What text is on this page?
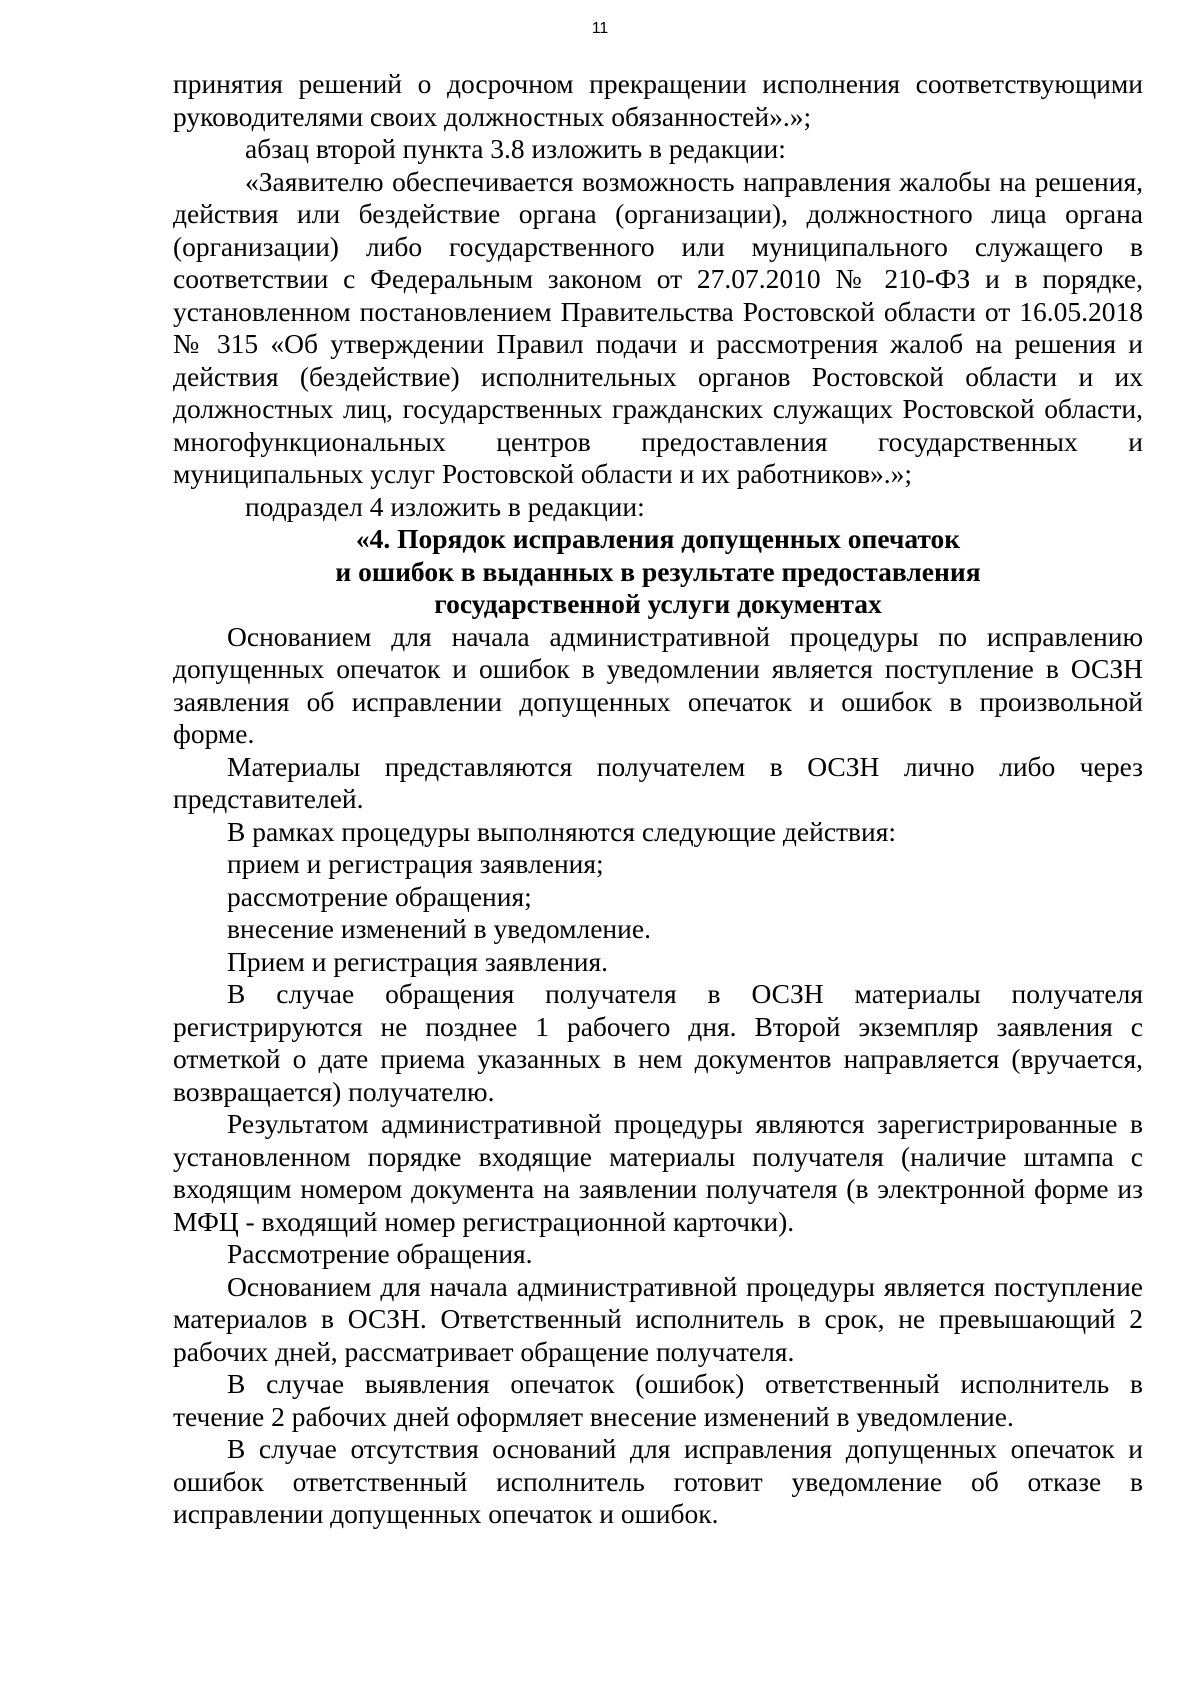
11

принятия решений о досрочном прекращении исполнения соответствующими руководителями своих должностных обязанностей».»;

абзац второй пункта 3.8 изложить в редакции:

«Заявителю обеспечивается возможность направления жалобы на решения, действия или бездействие органа (организации), должностного лица органа (организации) либо государственного или муниципального служащего в соответствии с Федеральным законом от 27.07.2010 № 210-ФЗ и в порядке, установленном постановлением Правительства Ростовской области от 16.05.2018 № 315 «Об утверждении Правил подачи и рассмотрения жалоб на решения и действия (бездействие) исполнительных органов Ростовской области и их должностных лиц, государственных гражданских служащих Ростовской области, многофункциональных центров предоставления государственных и муниципальных услуг Ростовской области и их работников».»;

подраздел 4 изложить в редакции:

«4. Порядок исправления допущенных опечаток
и ошибок в выданных в результате предоставления
государственной услуги документах

Основанием для начала административной процедуры по исправлению допущенных опечаток и ошибок в уведомлении является поступление в ОСЗН заявления об исправлении допущенных опечаток и ошибок в произвольной форме.

Материалы представляются получателем в ОСЗН лично либо через представителей.

В рамках процедуры выполняются следующие действия:

прием и регистрация заявления;

рассмотрение обращения;

внесение изменений в уведомление.

Прием и регистрация заявления.

В случае обращения получателя в ОСЗН материалы получателя регистрируются не позднее 1 рабочего дня. Второй экземпляр заявления с отметкой о дате приема указанных в нем документов направляется (вручается, возвращается) получателю.

Результатом административной процедуры являются зарегистрированные в установленном порядке входящие материалы получателя (наличие штампа с входящим номером документа на заявлении получателя (в электронной форме из МФЦ - входящий номер регистрационной карточки).

Рассмотрение обращения.

Основанием для начала административной процедуры является поступление материалов в ОСЗН. Ответственный исполнитель в срок, не превышающий 2 рабочих дней, рассматривает обращение получателя.

В случае выявления опечаток (ошибок) ответственный исполнитель в течение 2 рабочих дней оформляет внесение изменений в уведомление.

В случае отсутствия оснований для исправления допущенных опечаток и ошибок ответственный исполнитель готовит уведомление об отказе в исправлении допущенных опечаток и ошибок.
